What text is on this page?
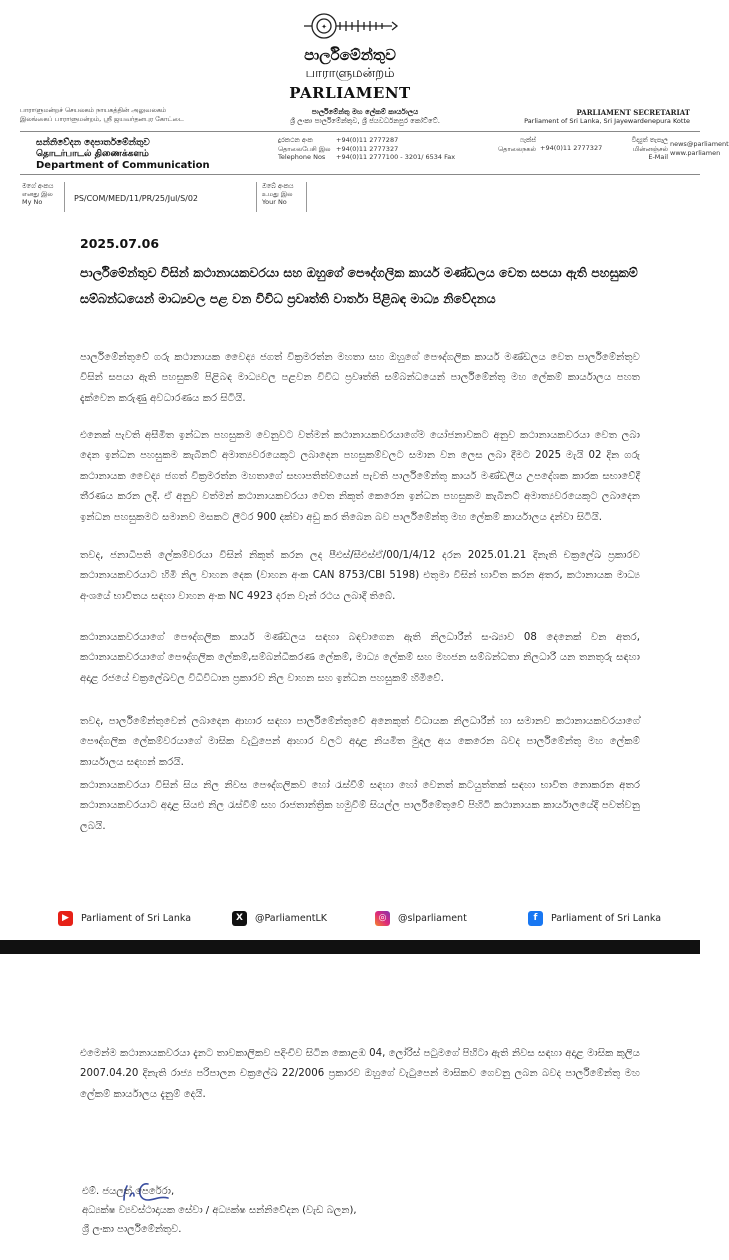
✦
පාර්ලිමේන්තුව
பாராளுமன்றம்
PARLIAMENT
பாராளுமன்றச் செயலகம் நாயகத்தின் அலுவலகம்
இலங்கைப் பாராளுமன்றம், ஸ்ரீ ஜயவர்தனபுர கோட்டை
පාර්ලිමේන්තු මහ ලේකම් කාර්යාලය
ශ්‍රී ලංකා පාර්ලිමේන්තුව, ශ්‍රී ජයවර්ධනපුර කෝට්ටේ.
PARLIAMENT SECRETARIAT
Parliament of Sri Lanka, Sri Jayewardenepura Kotte
සන්නිවේදන දෙපාර්තමේන්තුව
தொடர்பாடல் திணைக்களம்
Department of Communication
දුරකථන අංක
தொலைபேசி இல
Telephone Nos
+94(0)11 2777287
+94(0)11 2777327
+94(0)11 2777100 - 3201/ 6534 Fax
ෆැක්ස්
தொலைநகல் +94(0)11 2777327
විද්‍යුත් තැපෑල
மின்னஞ்சல்
E-Mail
news@parliament
www.parliamen
මගේ අංකය
எனது இல
My No	PS/COM/MED/11/PR/25/Jul/S/02
ඔබේ අංකය
உமது இல
Your No
2025.07.06
පාර්ලිමේන්තුව විසින් කථානායකවරයා සහ ඔහුගේ පෞද්ගලික කාර්ය මණ්ඩලය වෙත සපයා ඇති පහසුකම් සම්බන්ධයෙන් මාධ්‍යවල පළ වන විවිධ ප්‍රවෘත්ති වාර්තා පිළිබඳ මාධ්‍ය නිවේදනය
පාර්ලිමේන්තුවේ ගරු කථානායක වෛද්‍ය ජගත් වික්‍රමරත්න මහතා සහ ඔහුගේ පෞද්ගලික කාර්ය මණ්ඩලය වෙත පාර්ලිමේන්තුව විසින් සපයා ඇති පහසුකම් පිළිබඳ මාධ්‍යවල පළවන විවිධ ප්‍රවෘත්ති සම්බන්ධයෙන් පාර්ලිමේන්තු මහ ලේකම් කාර්යාලය පහත දැක්වෙන කරුණු අවධාරණය කර සිටියි.
එනෙක් පැවති අසීමිත ඉන්ධන පහසුකම වෙනුවට වත්මන් කථානායකවරයාගේම යෝජනාවකට අනුව කථානායකවරයා වෙත ලබා දෙන ඉන්ධන පහසුකම කැබිනට් අමාත්‍යවරයෙකුට ලබාදෙන පහසුකම්වලට සමාන වන ලෙස ලබා දීමට 2025 මැයි 02 දින ගරු කථානායක වෛද්‍ය ජගත් වික්‍රමරත්න මහතාගේ සභාපතිත්වයෙන් පැවති පාර්ලිමේන්තු කාර්ය මණ්ඩලීය උපදේශක කාරක සභාවේදී තීරණය කරන ලදී. ඒ අනුව වත්මන් කථානායකවරයා වෙත නිකුත් කෙරෙන ඉන්ධන පහසුකම කැබිනට් අමාත්‍යවරයෙකුට ලබාදෙන ඉන්ධන පහසුකමට සමානව මසකට ලීටර 900 දක්වා අඩු කර තිබෙන බව පාර්ලිමේන්තු මහ ලේකම් කාර්යාලය දන්වා සිටියි.
තවද, ජනාධිපති ලේකම්වරයා විසින් නිකුත් කරන ලද පීඑස්/සීඑස්ඒ/00/1/4/12 දරන 2025.01.21 දිනැති චක්‍රලේඛ ප්‍රකාරව කථානායකවරයාට හිමි නිල වාහන දෙක (වාහන අංක CAN 8753/CBI 5198) එතුමා විසින් භාවිත කරන අතර, කථානායක මාධ්‍ය අංශයේ භාවිතය සඳහා වාහන අංක NC 4923 දරන වෑන් රථය ලබාදී තිබේ.
කථානායකවරයාගේ පෞද්ගලික කාර්ය මණ්ඩලය සඳහා බඳවාගෙන ඇති නිලධාරීන් සංඛ්‍යාව 08 දෙනෙක් වන අතර, කථානායකවරයාගේ පෞද්ගලික ලේකම්,සම්බන්ධීකරණ ලේකම්, මාධ්‍ය ලේකම් සහ මහජන සම්බන්ධතා නිලධාරී යන තනතුරු සඳහා අදාළ රජයේ චක්‍රලේඛවල විධිවිධාන ප්‍රකාරව නිල වාහන සහ ඉන්ධන පහසුකම් හිමිවේ.
තවද, පාර්ලිමේන්තුවෙන් ලබාදෙන ආහාර සඳහා පාර්ලිමේන්තුවේ අනෙකුත් විධායක නිලධාරීන් හා සමානව කථානායකවරයාගේ පෞද්ගලික ලේකම්වරයාගේ මාසික වැටුපෙන් ආහාර වලට අදාළ නියමිත මුදල අය කෙරෙන බවද පාර්ලිමේන්තු මහ ලේකම් කාර්යාලය සඳහන් කරයි.
කථානායකවරයා විසින් සිය නිල නිවස පෞද්ගලිකව හෝ රැස්වීම් සඳහා හෝ වෙනත් කටයුත්තක් සඳහා භාවිත නොකරන අතර කථානායකවරයාට අදාළ සියළු නිල රැස්වීම් සහ රාජතාන්ත්‍රික හමුවීම් සියල්ල පාර්ලිමේතුවේ පිහිටි කථානායක කාර්යාලයේදී පවත්වනු ලබයි.
▶	Parliament of Sri Lanka	X	@ParliamentLK	◎	@slparliament	f	Parliament of Sri Lanka
එමෙන්ම කථානායකවරයා දැනට තාවකාලිකව පදිංචිව සිටින කොළඹ 04, ලෝරිස් පටුමගේ පිහිටා ඇති නිවස සඳහා අදාළ මාසික කුලිය 2007.04.20 දිනැති රාජ්‍ය පරිපාලන චක්‍රලේඛ 22/2006 ප්‍රකාරව ඔහුගේ වැටුපෙන් මාසිකව ගෙවනු ලබන බවද පාර්ලිමේන්තු මහ ලේකම් කාර්යාලය දැනුම් දෙයි.
එම්. ජයලත් පෙරේරා,
අධ්‍යක්ෂ ව්‍යවස්ථාදායක සේවා / අධ්‍යක්ෂ සන්නිවේදන (වැඩ බලන),
ශ්‍රී ලංකා පාර්ලිමේන්තුව.
